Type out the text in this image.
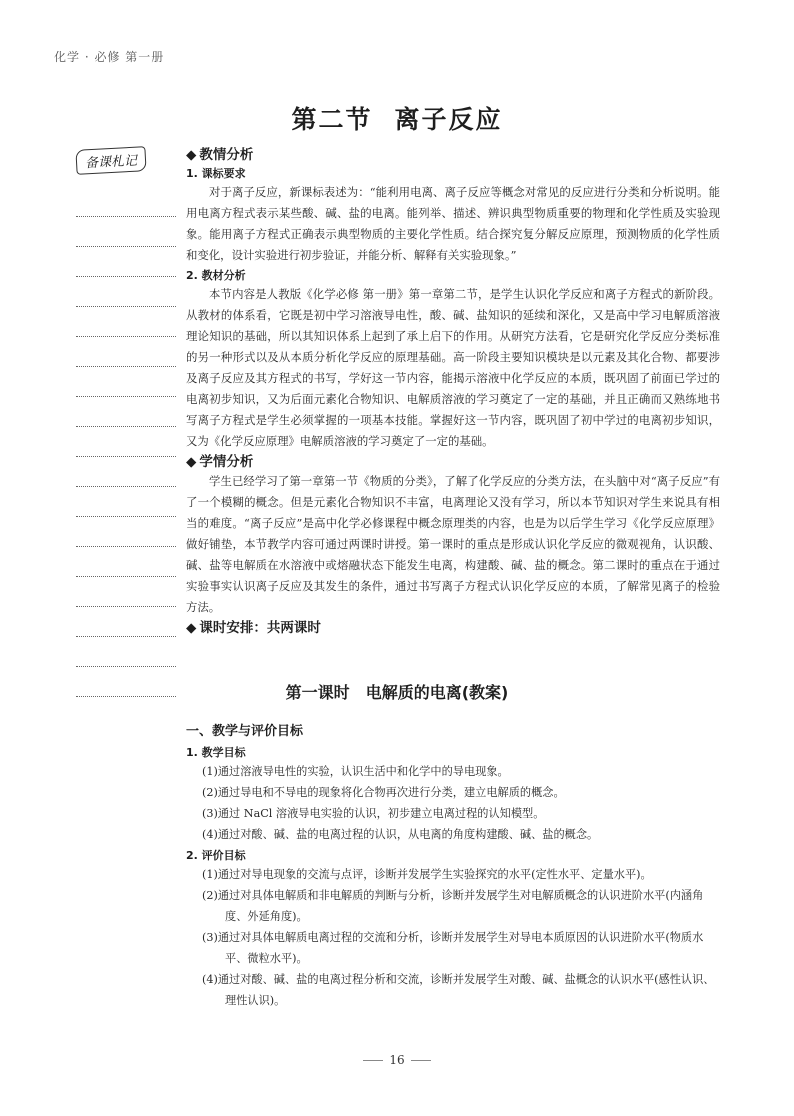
化学 · 必修 第一册
第二节 离子反应
备课札记	◆ 教情分析

1. 课标要求

对于离子反应，新课标表述为：“能利用电离、离子反应等概念对常见的反应进行分类和分析说明。能用电离方程式表示某些酸、碱、盐的电离。能列举、描述、辨识典型物质重要的物理和化学性质及实验现象。能用离子方程式正确表示典型物质的主要化学性质。结合探究复分解反应原理，预测物质的化学性质和变化，设计实验进行初步验证，并能分析、解释有关实验现象。”

2. 教材分析

本节内容是人教版《化学必修 第一册》第一章第二节，是学生认识化学反应和离子方程式的新阶段。从教材的体系看，它既是初中学习溶液导电性，酸、碱、盐知识的延续和深化，又是高中学习电解质溶液理论知识的基础，所以其知识体系上起到了承上启下的作用。从研究方法看，它是研究化学反应分类标准的另一种形式以及从本质分析化学反应的原理基础。高一阶段主要知识模块是以元素及其化合物、都要涉及离子反应及其方程式的书写，学好这一节内容，能揭示溶液中化学反应的本质，既巩固了前面已学过的电离初步知识，又为后面元素化合物知识、电解质溶液的学习奠定了一定的基础，并且正确而又熟练地书写离子方程式是学生必须掌握的一项基本技能。掌握好这一节内容，既巩固了初中学过的电离初步知识，又为《化学反应原理》电解质溶液的学习奠定了一定的基础。

◆ 学情分析

学生已经学习了第一章第一节《物质的分类》，了解了化学反应的分类方法，在头脑中对“离子反应”有了一个模糊的概念。但是元素化合物知识不丰富，电离理论又没有学习，所以本节知识对学生来说具有相当的难度。“离子反应”是高中化学必修课程中概念原理类的内容，也是为以后学生学习《化学反应原理》做好铺垫，本节教学内容可通过两课时讲授。第一课时的重点是形成认识化学反应的微观视角，认识酸、碱、盐等电解质在水溶液中或熔融状态下能发生电离，构建酸、碱、盐的概念。第二课时的重点在于通过实验事实认识离子反应及其发生的条件，通过书写离子方程式认识化学反应的本质，了解常见离子的检验方法。

◆ 课时安排：共两课时

第一课时 电解质的电离(教案)

一、教学与评价目标

1. 教学目标

(1)通过溶液导电性的实验，认识生活中和化学中的导电现象。

(2)通过导电和不导电的现象将化合物再次进行分类，建立电解质的概念。

(3)通过 NaCl 溶液导电实验的认识，初步建立电离过程的认知模型。

(4)通过对酸、碱、盐的电离过程的认识，从电离的角度构建酸、碱、盐的概念。

2. 评价目标

(1)通过对导电现象的交流与点评，诊断并发展学生实验探究的水平(定性水平、定量水平)。

(2)通过对具体电解质和非电解质的判断与分析，诊断并发展学生对电解质概念的认识进阶水平(内涵角度、外延角度)。

(3)通过对具体电解质电离过程的交流和分析，诊断并发展学生对导电本质原因的认识进阶水平(物质水平、微粒水平)。

(4)通过对酸、碱、盐的电离过程分析和交流，诊断并发展学生对酸、碱、盐概念的认识水平(感性认识、理性认识)。

16
